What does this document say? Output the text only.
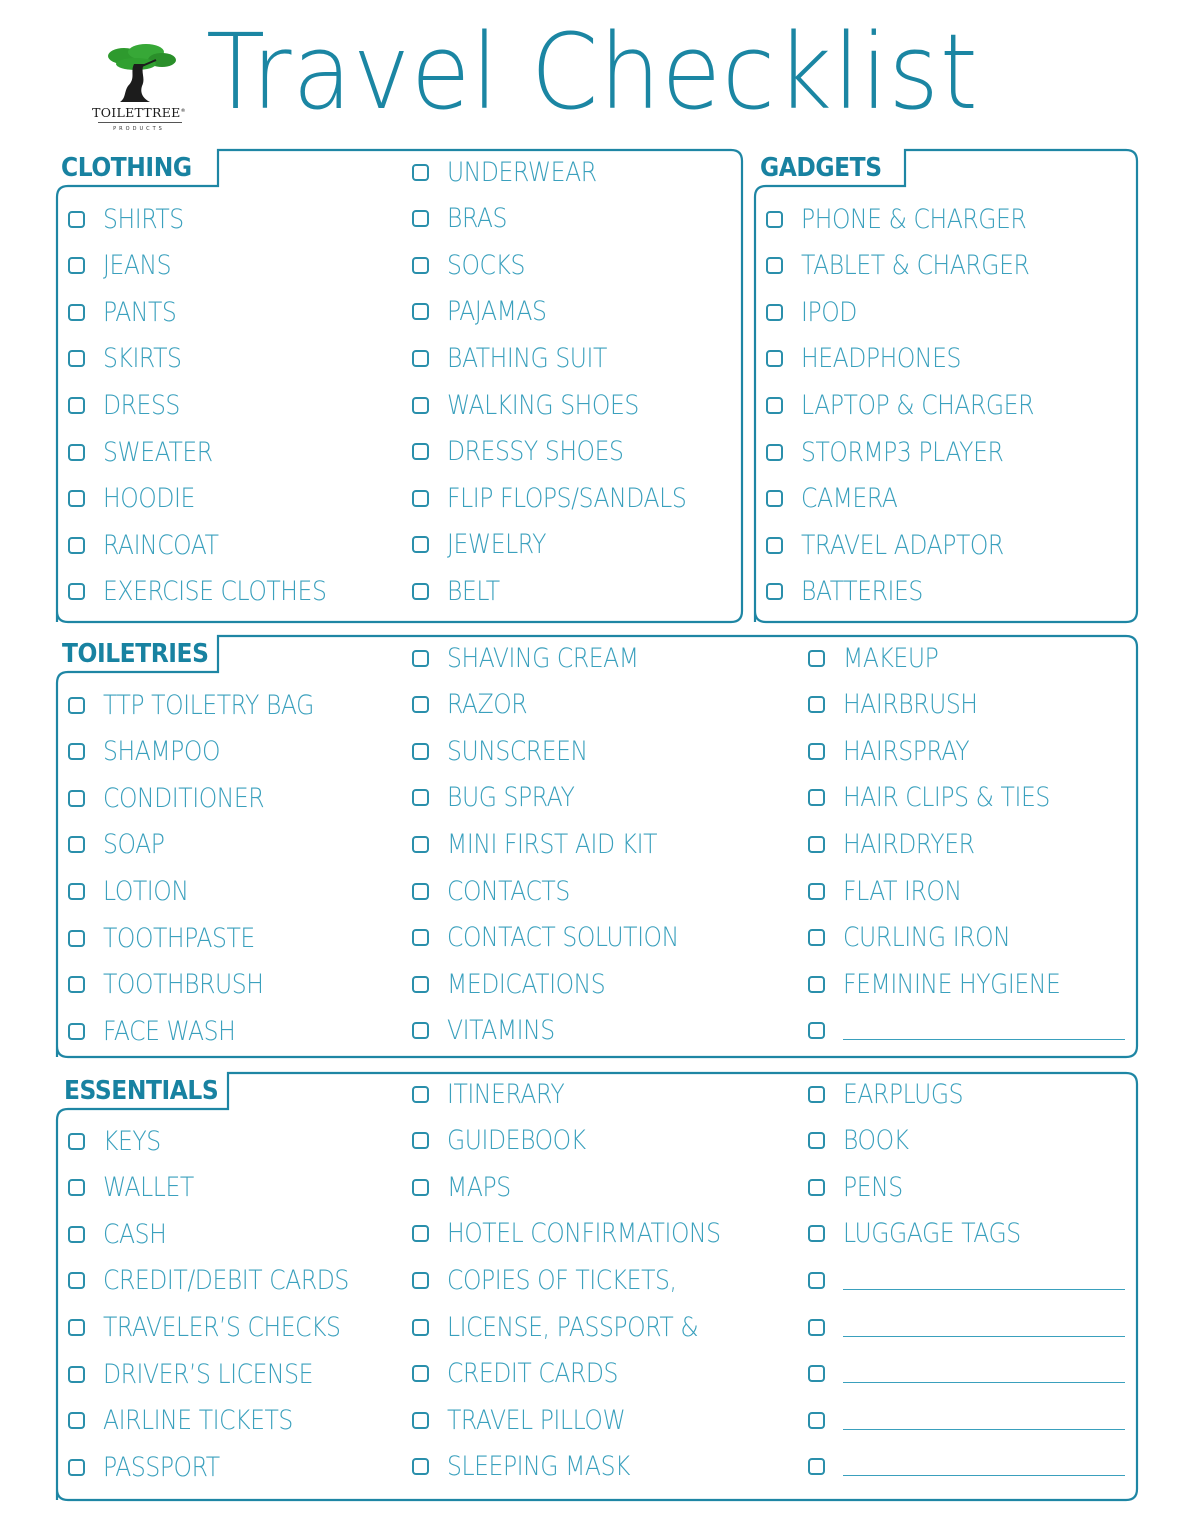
TOILETTREE®
PRODUCTS Travel Checklist
CLOTHING	GADGETS
TOILETRIES
ESSENTIALS
SHIRTS
JEANS
PANTS
SKIRTS
DRESS
SWEATER
HOODIE
RAINCOAT
EXERCISE CLOTHES
UNDERWEAR
BRAS
SOCKS
PAJAMAS
BATHING SUIT
WALKING SHOES
DRESSY SHOES
FLIP FLOPS/SANDALS
JEWELRY
BELT
PHONE & CHARGER
TABLET & CHARGER
IPOD
HEADPHONES
LAPTOP & CHARGER
STORMP3 PLAYER
CAMERA
TRAVEL ADAPTOR
BATTERIES
TTP TOILETRY BAG
SHAMPOO
CONDITIONER
SOAP
LOTION
TOOTHPASTE
TOOTHBRUSH
FACE WASH
SHAVING CREAM
RAZOR
SUNSCREEN
BUG SPRAY
MINI FIRST AID KIT
CONTACTS
CONTACT SOLUTION
MEDICATIONS
VITAMINS
MAKEUP
HAIRBRUSH
HAIRSPRAY
HAIR CLIPS & TIES
HAIRDRYER
FLAT IRON
CURLING IRON
FEMININE HYGIENE
KEYS
WALLET
CASH
CREDIT/DEBIT CARDS
TRAVELER’S CHECKS
DRIVER’S LICENSE
AIRLINE TICKETS
PASSPORT
ITINERARY
GUIDEBOOK
MAPS
HOTEL CONFIRMATIONS
COPIES OF TICKETS,
LICENSE, PASSPORT &
CREDIT CARDS
TRAVEL PILLOW
SLEEPING MASK
EARPLUGS
BOOK
PENS
LUGGAGE TAGS
